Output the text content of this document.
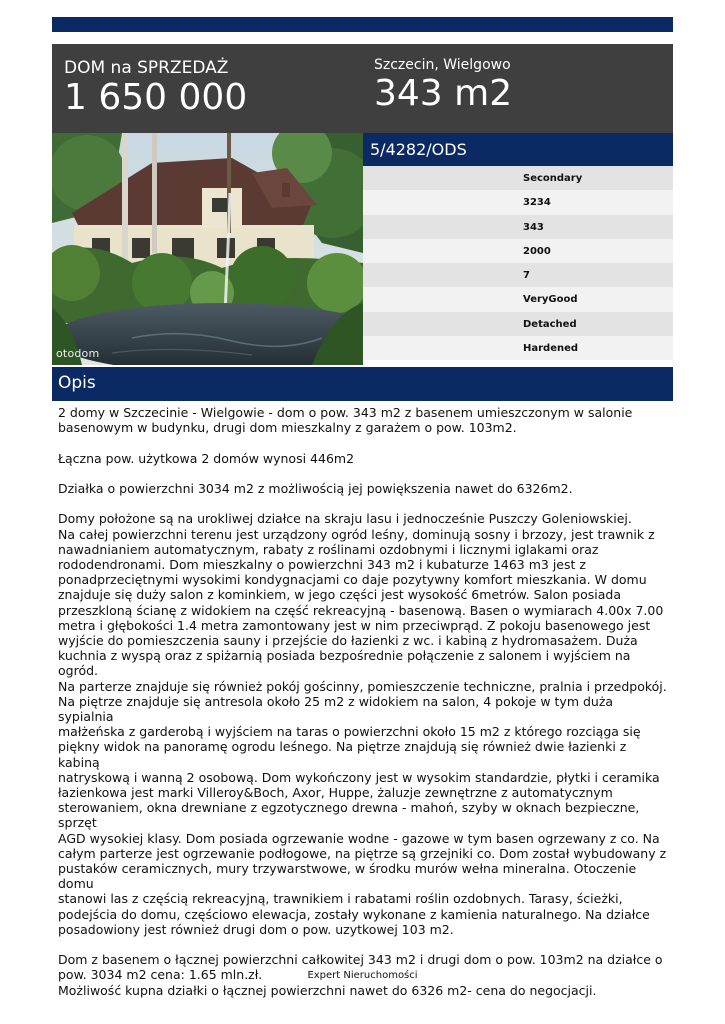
DOM na SPRZEDAŻ
1 650 000
Szczecin, Wielgowo
343 m2
otodom
5/4282/ODS
Secondary
3234
343
2000
7
VeryGood
Detached
Hardened
Opis

2 domy w Szczecinie - Wielgowie - dom o pow. 343 m2 z basenem umieszczonym w salonie
basenowym w budynku, drugi dom mieszkalny z garażem o pow. 103m2.

Łączna pow. użytkowa 2 domów wynosi 446m2

Działka o powierzchni 3034 m2 z możliwością jej powiększenia nawet do 6326m2.

Domy położone są na urokliwej działce na skraju lasu i jednocześnie Puszczy Goleniowskiej.
Na całej powierzchni terenu jest urządzony ogród leśny, dominują sosny i brzozy, jest trawnik z
nawadnianiem automatycznym, rabaty z roślinami ozdobnymi i licznymi iglakami oraz
rododendronami. Dom mieszkalny o powierzchni 343 m2 i kubaturze 1463 m3 jest z
ponadprzeciętnymi wysokimi kondygnacjami co daje pozytywny komfort mieszkania. W domu
znajduje się duży salon z kominkiem, w jego części jest wysokość 6metrów. Salon posiada
przeszkloną ścianę z widokiem na część rekreacyjną - basenową. Basen o wymiarach 4.00x 7.00
metra i głębokości 1.4 metra zamontowany jest w nim przeciwprąd. Z pokoju basenowego jest
wyjście do pomieszczenia sauny i przejście do łazienki z wc. i kabiną z hydromasażem. Duża
kuchnia z wyspą oraz z spiżarnią posiada bezpośrednie połączenie z salonem i wyjściem na ogród.
Na parterze znajduje się również pokój gościnny, pomieszczenie techniczne, pralnia i przedpokój.
Na piętrze znajduje się antresola około 25 m2 z widokiem na salon, 4 pokoje w tym duża sypialnia
małżeńska z garderobą i wyjściem na taras o powierzchni około 15 m2 z którego rozciąga się
piękny widok na panoramę ogrodu leśnego. Na piętrze znajdują się również dwie łazienki z kabiną
natryskową i wanną 2 osobową. Dom wykończony jest w wysokim standardzie, płytki i ceramika
łazienkowa jest marki Villeroy&Boch, Axor, Huppe, żaluzje zewnętrzne z automatycznym
sterowaniem, okna drewniane z egzotycznego drewna - mahoń, szyby w oknach bezpieczne, sprzęt
AGD wysokiej klasy. Dom posiada ogrzewanie wodne - gazowe w tym basen ogrzewany z co. Na
całym parterze jest ogrzewanie podłogowe, na piętrze są grzejniki co. Dom został wybudowany z
pustaków ceramicznych, mury trzywarstwowe, w środku murów wełna mineralna. Otoczenie domu
stanowi las z częścią rekreacyjną, trawnikiem i rabatami roślin ozdobnych. Tarasy, ścieżki,
podejścia do domu, częściowo elewacja, zostały wykonane z kamienia naturalnego. Na działce
posadowiony jest również drugi dom o pow. uzytkowej 103 m2.

Dom z basenem o łącznej powierzchni całkowitej 343 m2 i drugi dom o pow. 103m2 na działce o
pow. 3034 m2 cena: 1.65 mln.zł.
Możliwość kupna działki o łącznej powierzchni nawet do 6326 m2- cena do negocjacji.

Expert Nieruchomości
